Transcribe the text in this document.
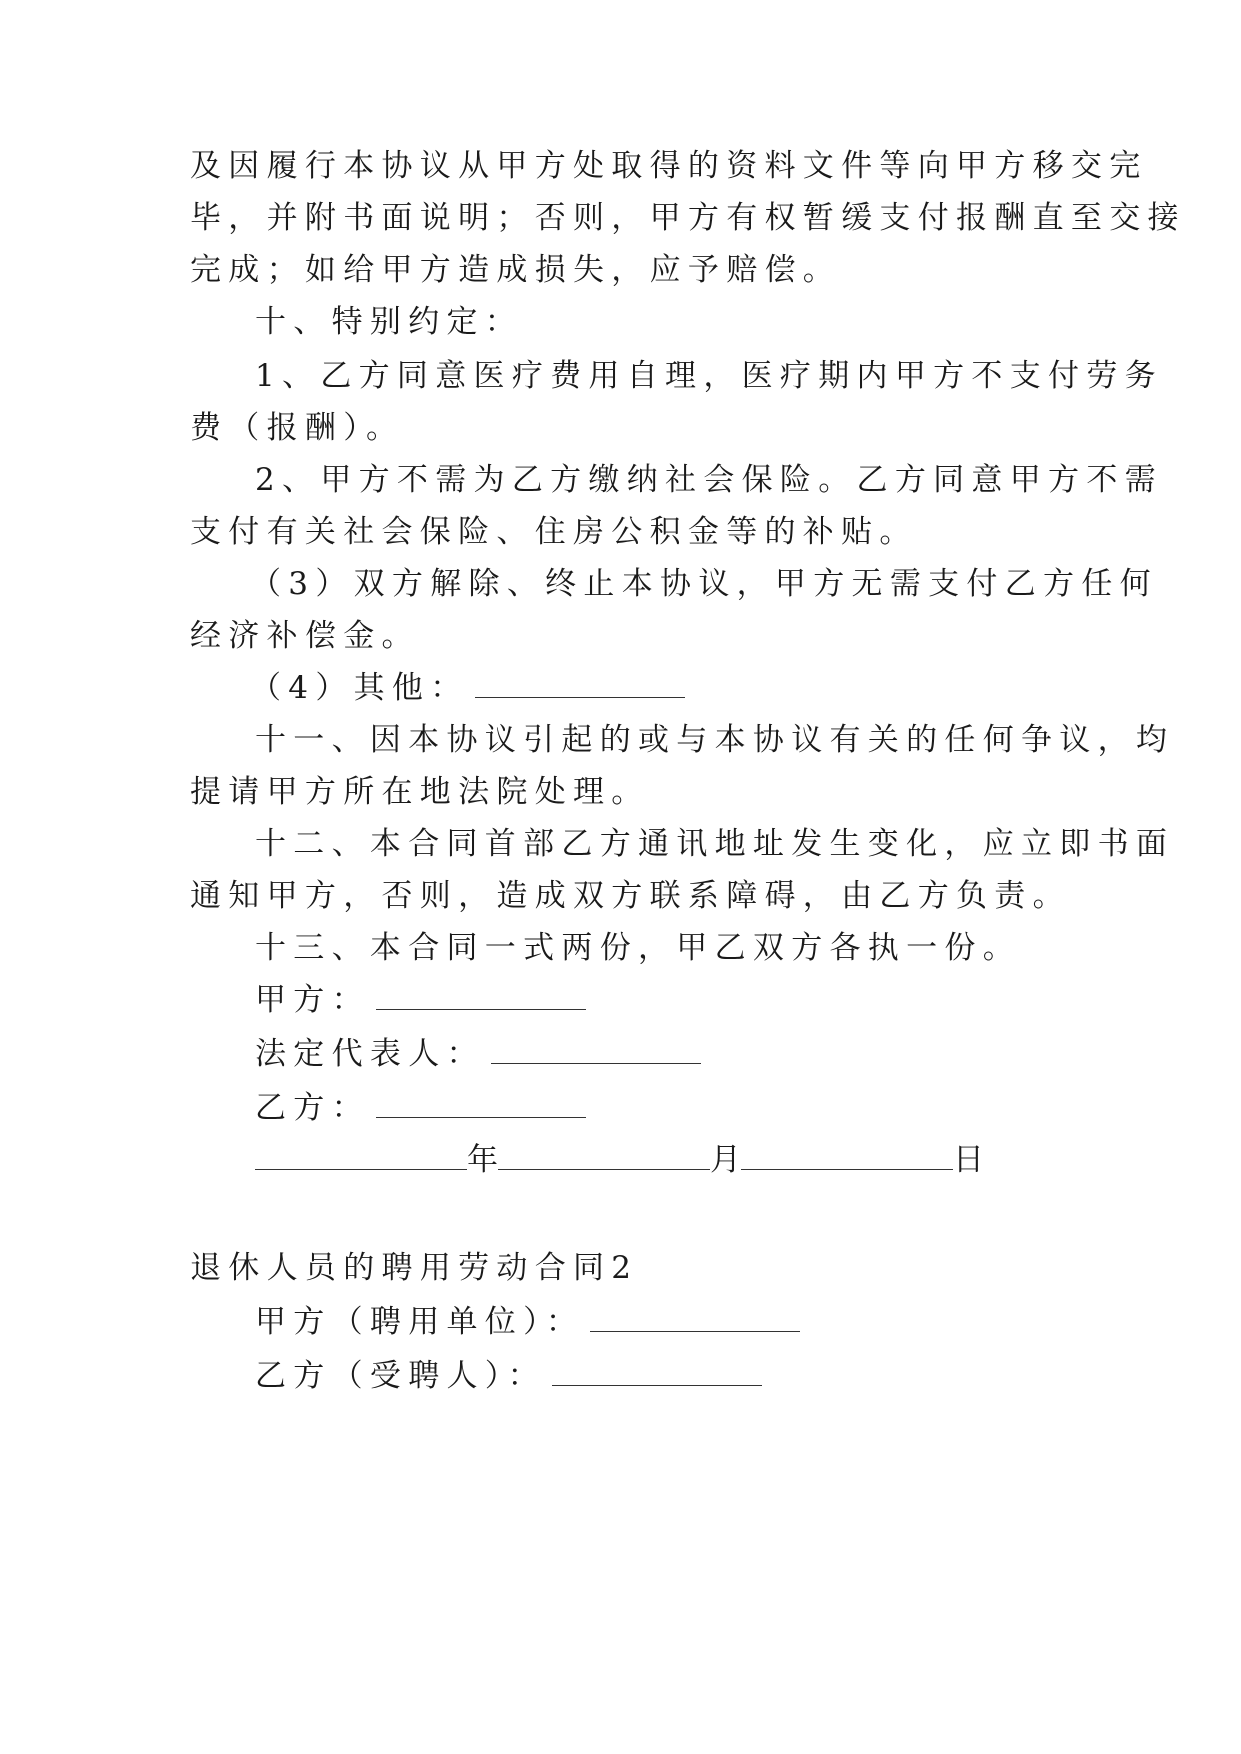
及因履行本协议从甲方处取得的资料文件等向甲方移交完
毕，并附书面说明；否则，甲方有权暂缓支付报酬直至交接
完成；如给甲方造成损失，应予赔偿。
十、特别约定：
1、乙方同意医疗费用自理，医疗期内甲方不支付劳务
费（报酬）。
2、甲方不需为乙方缴纳社会保险。乙方同意甲方不需
支付有关社会保险、住房公积金等的补贴。
（3）双方解除、终止本协议，甲方无需支付乙方任何
经济补偿金。
（4）其他：
十一、因本协议引起的或与本协议有关的任何争议，均
提请甲方所在地法院处理。
十二、本合同首部乙方通讯地址发生变化，应立即书面
通知甲方，否则，造成双方联系障碍，由乙方负责。
十三、本合同一式两份，甲乙双方各执一份。
甲方：
法定代表人：
乙方：
年	月	日
退休人员的聘用劳动合同2
甲方（聘用单位）：
乙方（受聘人）：
